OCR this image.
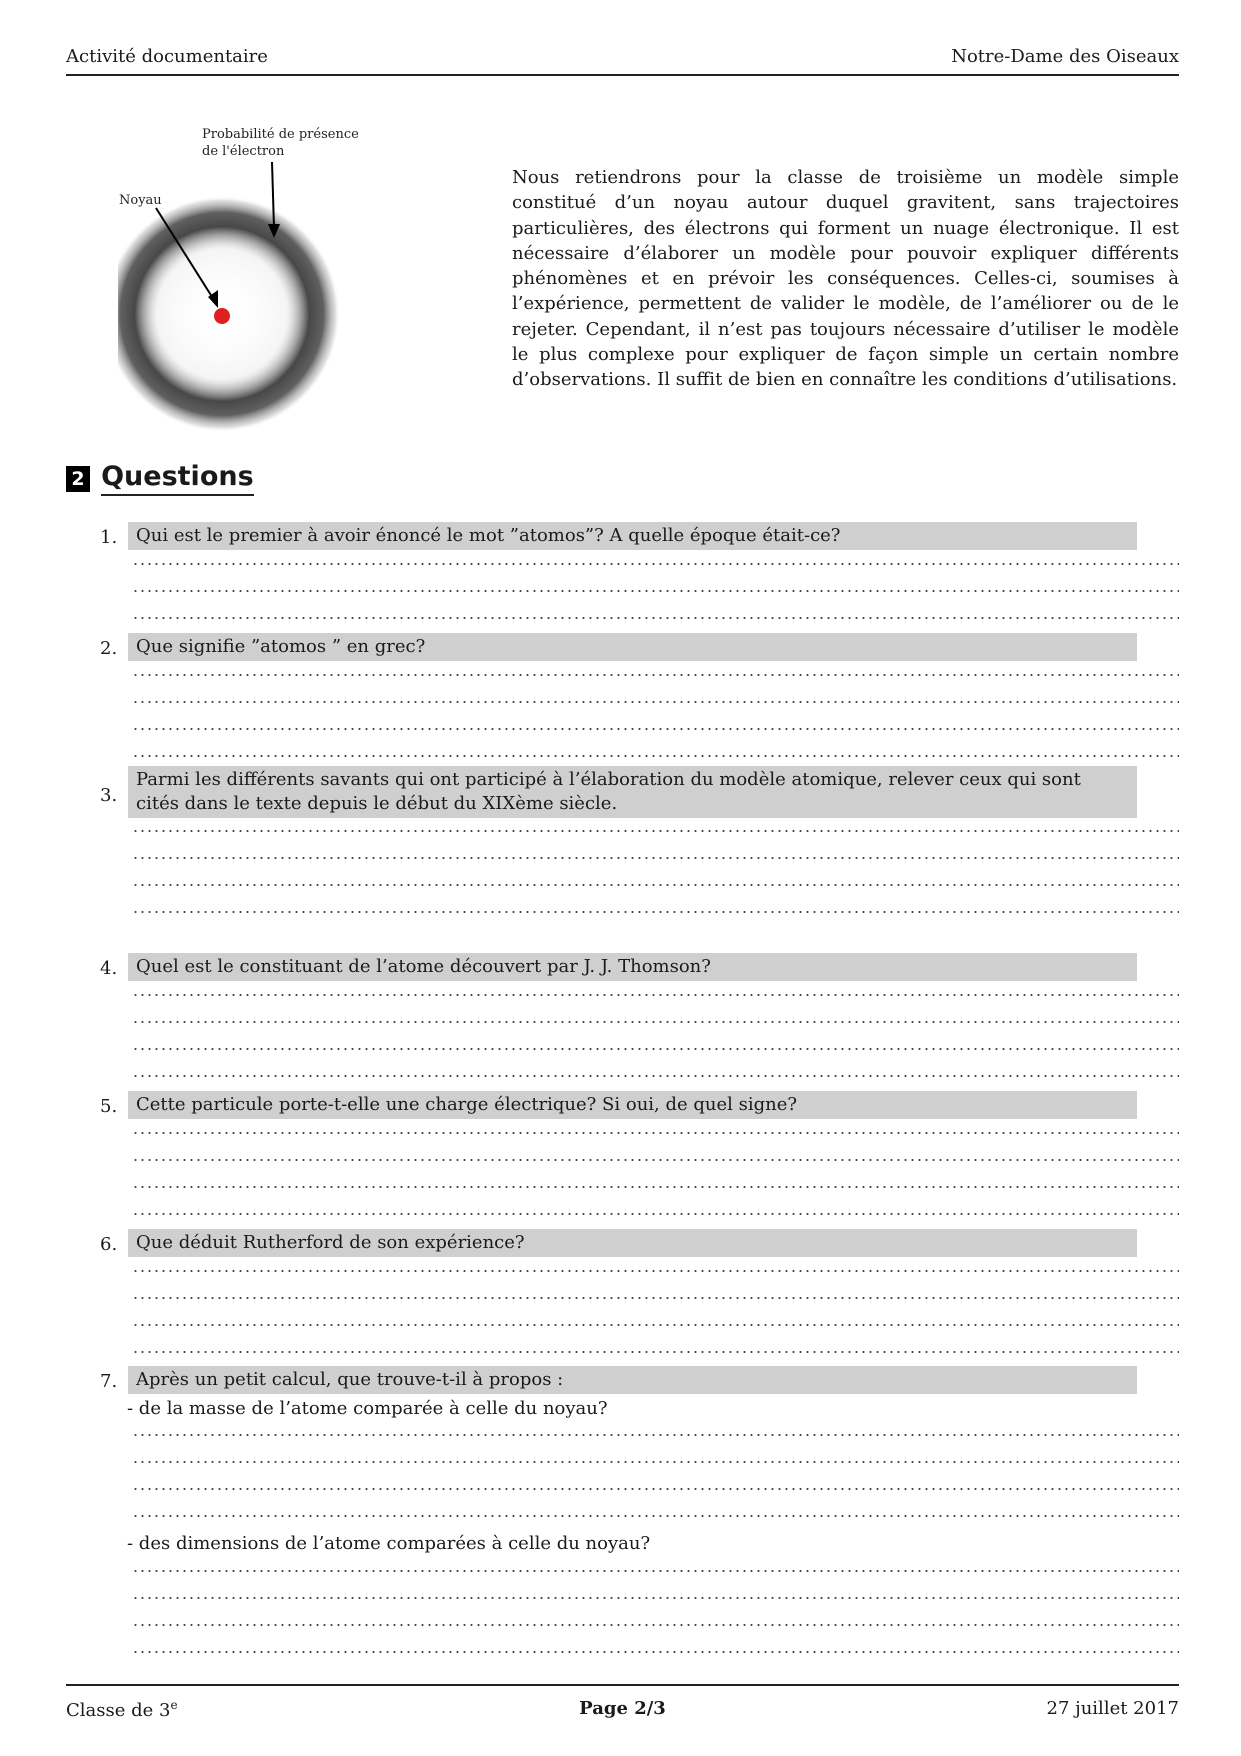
Activité documentaire	Notre-Dame des Oiseaux
Probabilité de présence
de l'électron
Noyau
Nous retiendrons pour la classe de troisième un modèle simple constitué d’un noyau autour duquel gravitent, sans trajectoires particulières, des électrons qui forment un nuage électronique. Il est nécessaire d’élaborer un modèle pour pouvoir expliquer différents phénomènes et en prévoir les conséquences. Celles-ci, soumises à l’expérience, permettent de valider le modèle, de l’améliorer ou de le rejeter. Cependant, il n’est pas toujours nécessaire d’utiliser le modèle le plus complexe pour expliquer de façon simple un certain nombre d’observations. Il suffit de bien en connaître les conditions d’utilisations.
2 Questions
1.	Qui est le premier à avoir énoncé le mot ”atomos”? A quelle époque était-ce?
2.	Que signifie ”atomos ” en grec?
3.
Parmi les différents savants qui ont participé à l’élaboration du modèle atomique, relever ceux qui sont cités dans le texte depuis le début du XIXème siècle.
4.	Quel est le constituant de l’atome découvert par J. J. Thomson?
5.	Cette particule porte-t-elle une charge électrique? Si oui, de quel signe?
6.	Que déduit Rutherford de son expérience?
7.	Après un petit calcul, que trouve-t-il à propos :
- de la masse de l’atome comparée à celle du noyau?
- des dimensions de l’atome comparées à celle du noyau?
Classe de 3e	Page 2/3	27 juillet 2017
